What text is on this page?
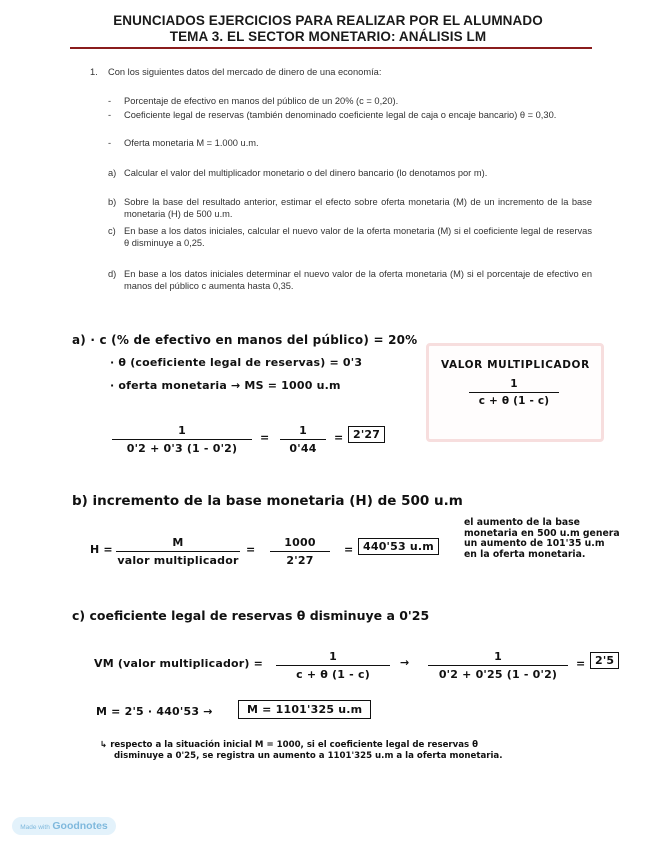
ENUNCIADOS EJERCICIOS PARA REALIZAR POR EL ALUMNADO
TEMA 3. EL SECTOR MONETARIO: ANÁLISIS LM
1. Con los siguientes datos del mercado de dinero de una economía:
- Porcentaje de efectivo en manos del público de un 20% (c = 0,20).
- Coeficiente legal de reservas (también denominado coeficiente legal de caja o encaje bancario) θ = 0,30.
- Oferta monetaria M = 1.000 u.m.
a) Calcular el valor del multiplicador monetario o del dinero bancario (lo denotamos por m).
b) Sobre la base del resultado anterior, estimar el efecto sobre oferta monetaria (M) de un incremento de la base monetaria (H) de 500 u.m.
c) En base a los datos iniciales, calcular el nuevo valor de la oferta monetaria (M) si el coeficiente legal de reservas θ disminuye a 0,25.
d) En base a los datos iniciales determinar el nuevo valor de la oferta monetaria (M) si el porcentaje de efectivo en manos del público c aumenta hasta 0,35.
a) · c (% de efectivo en manos del público) = 20%
· θ (coeficiente legal de reservas) = 0'3
· oferta monetaria → MS = 1000 u.m
1
0'2 + 0'3 (1 - 0'2)
=
1
0'44
= 2'27
VALOR MULTIPLICADOR
1
c + θ (1 - c)
b) incremento de la base monetaria (H) de 500 u.m
H =
M
valor multiplicador
=
1000
2'27
= 440'53 u.m
el aumento de la base
monetaria en 500 u.m genera
un aumento de 101'35 u.m
en la oferta monetaria.
c) coeficiente legal de reservas θ disminuye a 0'25
VM (valor multiplicador) =
1
c + θ (1 - c)
→	1
0'2 + 0'25 (1 - 0'2)
= 2'5
M = 2'5 · 440'53 →	M = 1101'325 u.m
↳ respecto a la situación inicial M = 1000, si el coeficiente legal de reservas θ
disminuye a 0'25, se registra un aumento a 1101'325 u.m a la oferta monetaria.
Made with Goodnotes
